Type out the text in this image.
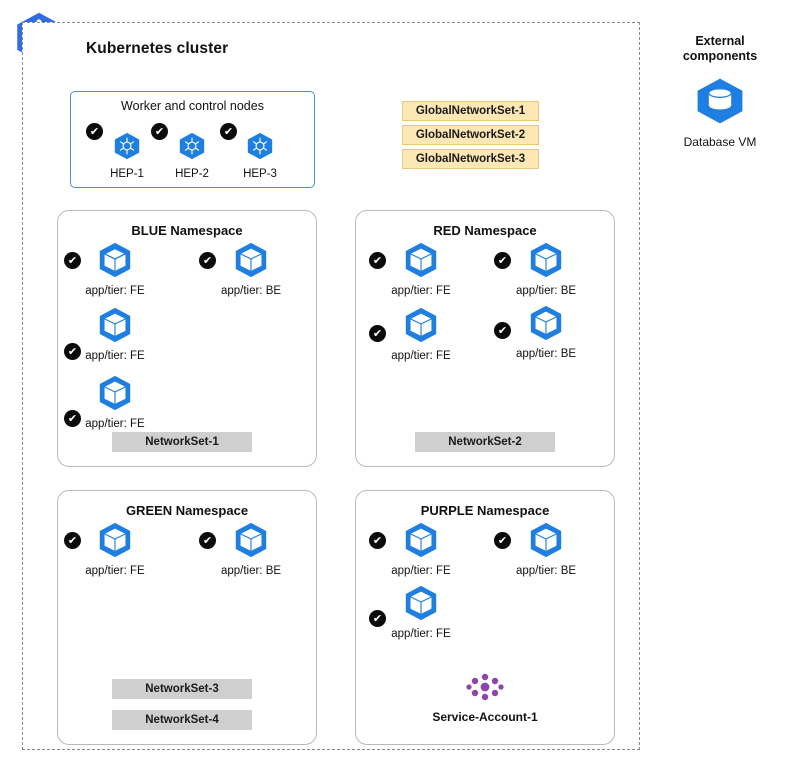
Kubernetes cluster
Worker and control nodes
HEP-1
✔
HEP-2
✔
HEP-3
✔
GlobalNetworkSet-1
GlobalNetworkSet-2
GlobalNetworkSet-3
BLUE Namespace
app/tier: FE
✔
app/tier: BE
✔
app/tier: FE
✔
app/tier: FE
✔
NetworkSet-1
RED Namespace
app/tier: FE
✔
app/tier: BE
✔
app/tier: FE
✔
app/tier: BE
✔
NetworkSet-2
GREEN Namespace
app/tier: FE
✔
app/tier: BE
✔
NetworkSet-3
NetworkSet-4
PURPLE Namespace
app/tier: FE
✔
app/tier: BE
✔
app/tier: FE
✔
Service-Account-1
External
components
Database VM
